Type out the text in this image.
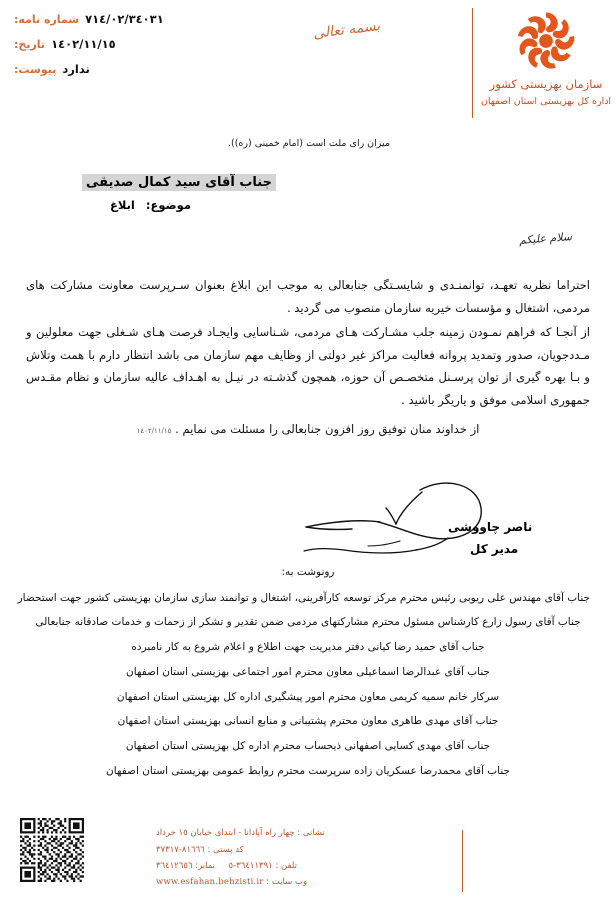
سازمان بهزیستی کشور
اداره کل بهزیستی استان اصفهان
بسمه تعالی
شماره نامه: ٧١٤/٠٢/٣٤٠٣١
تاریخ: ١٤٠٢/١١/١٥
پیوست: ندارد
میزان رای ملت است (امام خمینی (ره)).
جناب آقای سید کمال صدیقی
موضوع: ابلاغ
سلام علیکم

احتراما نظریه تعهـد، توانمنـدی و شایسـتگی جنابعالی به موجب این ابلاغ بعنوان سـرپرست معاونت مشارکت های مردمی، اشتغال و مؤسسات خیریه سازمان منصوب می گردید .

از آنجـا که فراهم نمـودن زمینه جلب مشـارکت هـای مردمی، شـناسایی وایجـاد فرصت هـای شـغلی جهت معلولین و مـددجویان، صدور وتمدید پروانه فعالیت مراکز غیر دولتی از وظایف مهم سازمان می باشد انتظار دارم با همت وتلاش و بـا بهره گیری از توان پرسـنل متخصـص آن حوزه، همچون گذشـته در نیـل به اهـداف عالیه سازمان و نظام مقـدس جمهوری اسلامی موفق و یاریگر باشید .

از خداوند منان توفیق روز افزون جنابعالی را مسئلت می نمایم . ١٤٠٢/١١/١٥

ناصر چاووشی
مدیر کل
رونوشت به:
جناب آقای مهندس علی ریوبی رئیس محترم مرکز توسعه کارآفرینی، اشتغال و توانمند سازی سازمان بهزیستی کشور جهت استحضار
جناب آقای رسول زارع کارشناس مسئول محترم مشارکتهای مردمی ضمن تقدیر و تشکر از زحمات و خدمات صادقانه جنابعالی
جناب آقای حمید رضا کیانی دفتر مدیریت جهت اطلاع و اعلام شروع به کار نامبرده
جناب آقای عبدالرضا اسماعیلی معاون محترم امور اجتماعی بهزیستی استان اصفهان
سرکار خانم سمیه کریمی معاون محترم امور پیشگیری اداره کل بهزیستی استان اصفهان
جناب آقای مهدی طاهری معاون محترم پشتیبانی و منابع انسانی بهزیستی استان اصفهان
جناب آقای مهدی کسایی اصفهانی ذیحساب محترم اداره کل بهزیستی استان اصفهان
جناب آقای محمدرضا عسکریان زاده سرپرست محترم روابط عمومی بهزیستی استان اصفهان
نشانی : چهار راه آپادانا - ابتدای خیابان ١٥ خرداد
کد پستی : ٨١٦٦٦-٣٧٣١٧
تلفن : ٣٦٤١١٣٩١-٥     نمابر: ٣٦٤١٢٦٥٦
وب سایت : www.esfahan.behzisti.ir
